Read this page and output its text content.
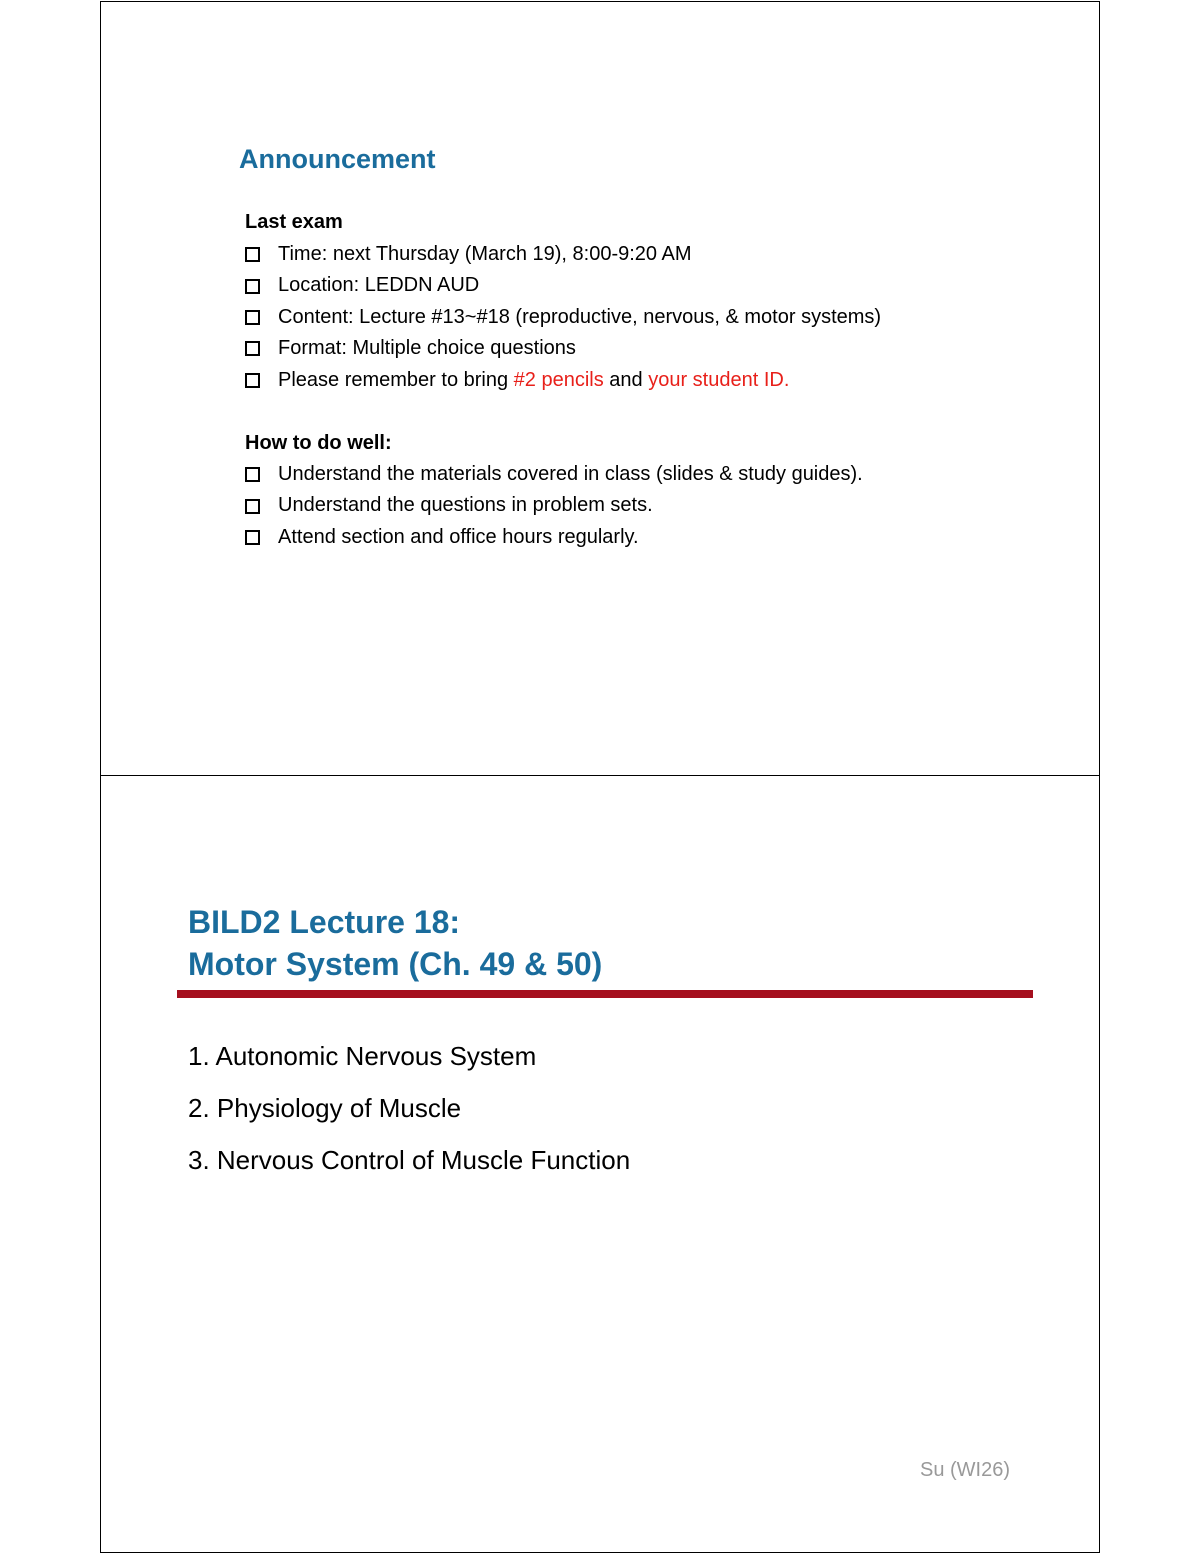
Announcement
Last exam
Time: next Thursday (March 19), 8:00-9:20 AM
Location: LEDDN AUD
Content: Lecture #13~#18 (reproductive, nervous, & motor systems)
Format: Multiple choice questions
Please remember to bring #2 pencils and your student ID .
How to do well:
Understand the materials covered in class (slides & study guides).
Understand the questions in problem sets.
Attend section and office hours regularly.
BILD2 Lecture 18:
Motor System (Ch. 49 & 50)
1. Autonomic Nervous System
2. Physiology of Muscle
3. Nervous Control of Muscle Function
Su (WI26)
